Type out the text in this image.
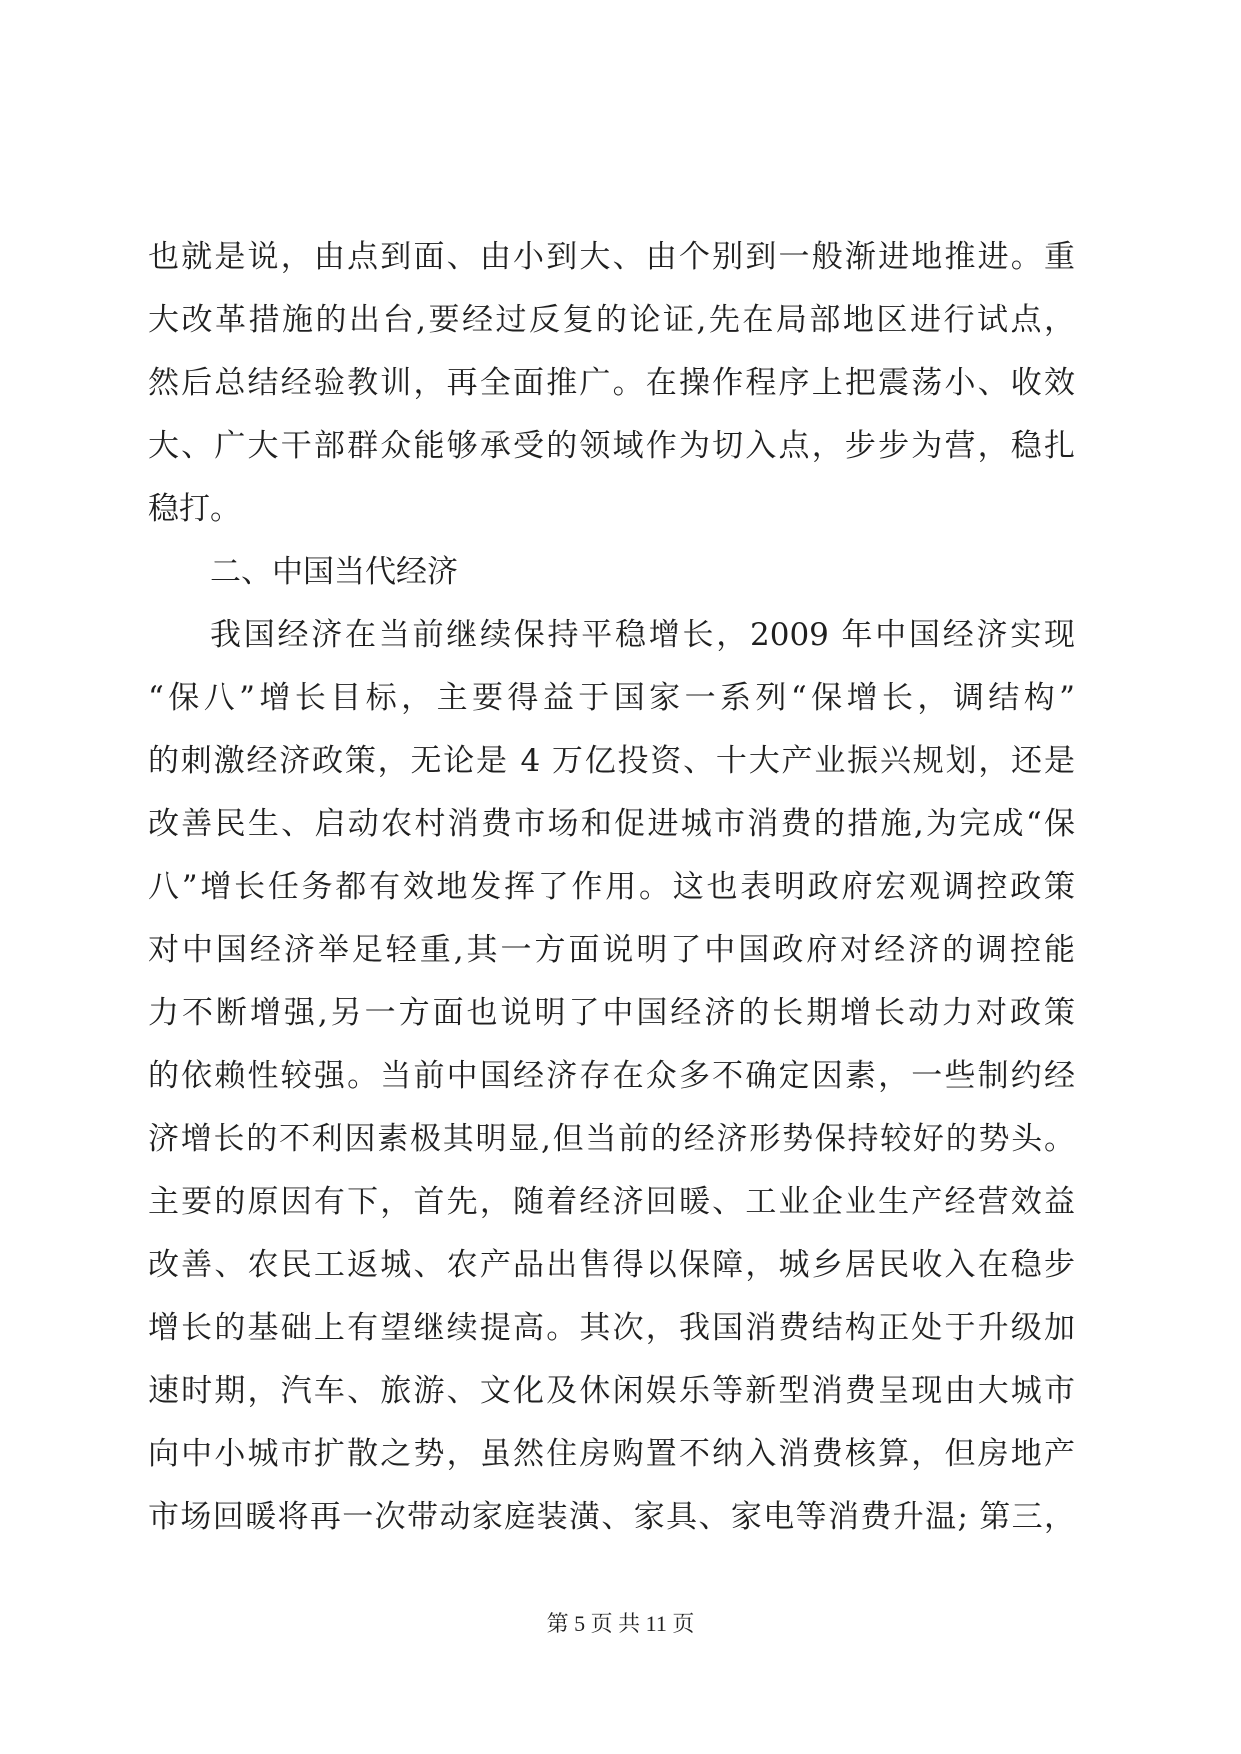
也就是说，由点到面、由小到大、由个别到一般渐进地推进。重
大改革措施的出台,要经过反复的论证,先在局部地区进行试点，
然后总结经验教训，再全面推广。在操作程序上把震荡小、收效
大、广大干部群众能够承受的领域作为切入点，步步为营，稳扎
稳打。
二、中国当代经济
我国经济在当前继续保持平稳增长，2009 年中国经济实现
“保八”增长目标，主要得益于国家一系列“保增长，调结构”
的刺激经济政策，无论是 4 万亿投资、十大产业振兴规划，还是
改善民生、启动农村消费市场和促进城市消费的措施,为完成“保
八”增长任务都有效地发挥了作用。这也表明政府宏观调控政策
对中国经济举足轻重,其一方面说明了中国政府对经济的调控能
力不断增强,另一方面也说明了中国经济的长期增长动力对政策
的依赖性较强。当前中国经济存在众多不确定因素，一些制约经
济增长的不利因素极其明显,但当前的经济形势保持较好的势头。
主要的原因有下，首先，随着经济回暖、工业企业生产经营效益
改善、农民工返城、农产品出售得以保障，城乡居民收入在稳步
增长的基础上有望继续提高。其次，我国消费结构正处于升级加
速时期，汽车、旅游、文化及休闲娱乐等新型消费呈现由大城市
向中小城市扩散之势，虽然住房购置不纳入消费核算，但房地产
市场回暖将再一次带动家庭装潢、家具、家电等消费升温; 第三，
第 5 页 共 11 页
